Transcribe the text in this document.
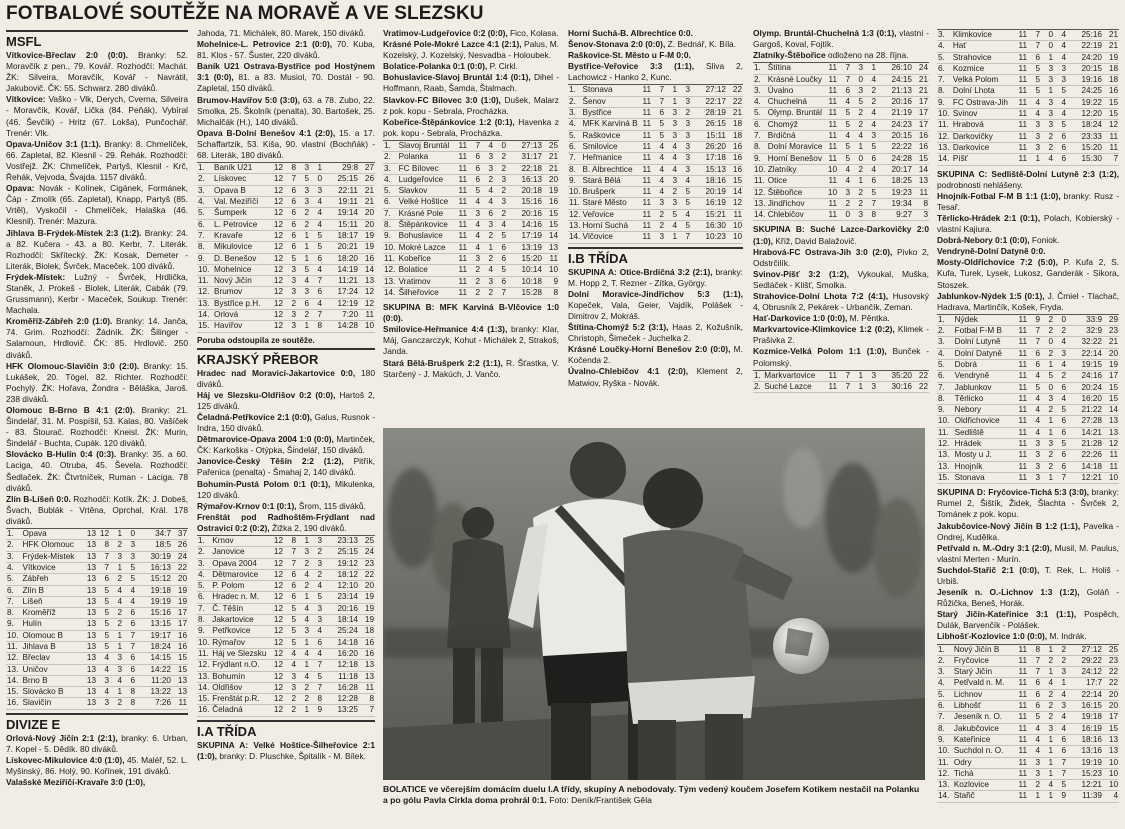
FOTBALOVÉ SOUTĚŽE NA MORAVĚ A VE SLEZSKU
MSFL

Vítkovice-Břeclav 2:0 (0:0). Branky: 52. Moravčík z pen., 79. Kovář. Rozhodčí: Machát. ŽK: Silveira, Moravčík, Kovář - Navrátil, Jakubovič. ČK: 55. Schwarz. 280 diváků.

Vítkovice: Vaško - Vlk, Derych, Cverna, Silveira - Moravčík, Kovář, Lička (84. Peňák), Vybíral (46. Ševčík) - Hritz (67. Lokša), Punčochář. Trenér: Vlk.

Opava-Uničov 3:1 (1:1). Branky: 8. Chmelíček, 66. Zapletal, 82. Klesnil - 29. Řehák. Rozhodčí: Vostřejž. ŽK: Chmelíček, Partyš, Klesnil - Krč, Řehák, Vejvoda, Švajda. 1157 diváků.

Opava: Novák - Kolínek, Cigánek, Formánek, Čáp - Zmolík (65. Zapletal), Knapp, Partyš (85. Vrtěl), Vyskočil - Chmelíček, Halaška (46. Klesnil). Trenér: Mazura.

Jihlava B-Frýdek-Místek 2:3 (1:2). Branky: 24. a 82. Kučera - 43. a 80. Kerbr, 7. Literák. Rozhodčí: Skřítecký. ŽK: Kosak, Demeter - Literák, Biolek, Švrček, Maceček. 100 diváků.

Frýdek-Místek: Lužný - Švrček, Hrdlička, Staněk, J. Prokeš - Biolek, Literák, Cabák (79. Grussmann), Kerbr - Maceček, Soukup. Trenér: Machala.

Kroměříž-Zábřeh 2:0 (1:0). Branky: 14. Janča, 74. Grim. Rozhodčí: Žádník. ŽK: Šilinger - Salamoun, Hrdlovič. ČK: 85. Hrdlovič. 250 diváků.

HFK Olomouc-Slavičín 3:0 (2:0). Branky: 15. Lukášek, 20. Tögel, 82. Richter. Rozhodčí: Pochylý. ŽK: Hořava, Žondra - Běláška, Jaroš. 238 diváků.

Olomouc B-Brno B 4:1 (2:0). Branky: 21. Šindelář, 31. M. Pospíšil, 53. Kalas, 80. Vašíček - 83. Štourač. Rozhodčí: Kneisl. ŽK: Murin, Šindelář - Buchta, Cupák. 120 diváků.

Slovácko B-Hulín 0:4 (0:3). Branky: 35. a 60. Laciga, 40. Otruba, 45. Ševela. Rozhodčí: Šedlaček. ŽK: Čtvrtníček, Ruman - Laciga. 78 diváků.

Zlín B-Líšeň 0:0. Rozhodčí: Kotík. ŽK: J. Dobeš, Švach, Bublák - Vrtěna, Oprchal, Král. 178 diváků.

1.	Opava	13	12	1	0	34:7	37
2.	HFK Olomouc	13	8	2	3	18:5	26
3.	Frýdek-Místek	13	7	3	3	30:19	24
4.	Vítkovice	13	7	1	5	16:13	22
5.	Zábřeh	13	6	2	5	15:12	20
6.	Zlín B	13	5	4	4	19:18	19
7.	Líšeň	13	5	4	4	19:19	19
8.	Kroměříž	13	5	2	6	15:16	17
9.	Hulín	13	5	2	6	13:15	17
10.	Olomouc B	13	5	1	7	19:17	16
11.	Jihlava B	13	5	1	7	18:24	16
12.	Břeclav	13	4	3	6	14:15	15
13.	Uničov	13	4	3	6	14:22	15
14.	Brno B	13	3	4	6	11:20	13
15.	Slovácko B	13	4	1	8	13:22	13
16.	Slavičín	13	3	2	8	7:26	11
DIVIZE E

Orlová-Nový Jičín 2:1 (2:1), branky: 6. Urban, 7. Kopel - 5. Dědík. 80 diváků.

Lískovec-Mikulovice 4:0 (1:0), 45. Maléř, 52. L. Myšinský, 86. Holý, 90. Kořínek, 191 diváků.

Valašské Meziříčí-Kravaře 3:0 (1:0),

Jahoda, 71. Michálek, 80. Marek, 150 diváků.

Mohelnice-L. Petrovice 2:1 (0:0), 70. Kuba, 81. Klos - 57. Šuster, 220 diváků.

Baník U21 Ostrava-Bystřice pod Hostýnem 3:1 (0:0), 81. a 83. Musiol, 70. Dostál - 90. Zapletal, 150 diváků.

Brumov-Havířov 5:0 (3:0), 63. a 78. Zubo, 22. Smolka, 25. Školník (penalta), 30. Bartošek, 25. Michalčák (H.), 140 diváků.

Opava B-Dolní Benešov 4:1 (2:0), 15. a 17. Schaffartzik, 53. Kiša, 90. vlastní (Bochňák) - 68. Literák, 180 diváků.

1.	Baník U21	12	8	3	1	29:8	27
2.	Lískovec	12	7	5	0	25:15	26
3.	Opava B	12	6	3	3	22:11	21
4.	Val. Meziříčí	12	6	3	4	19:11	21
5.	Šumperk	12	6	2	4	19:14	20
6.	L. Petrovice	12	6	2	4	15:11	20
7.	Kravaře	12	6	1	5	18:17	19
8.	Mikulovice	12	6	1	5	20:21	19
9.	D. Benešov	12	5	1	6	18:20	16
10.	Mohelnice	12	3	5	4	14:19	14
11.	Nový Jičín	12	3	4	7	11:21	13
12.	Brumov	12	3	3	6	17:24	12
13.	Bystřice p.H.	12	2	6	4	12:19	12
14.	Orlová	12	3	2	7	7:20	11
15.	Havířov	12	3	1	8	14:28	10
Poruba odstoupila ze soutěže.
KRAJSKÝ PŘEBOR

Hradec nad Moravicí-Jakartovice 0:0, 180 diváků.

Háj ve Slezsku-Oldřišov 0:2 (0:0), Hartoš 2, 125 diváků.

Čeladná-Petřkovice 2:1 (0:0), Galus, Rusnok - Indra, 150 diváků.

Dětmarovice-Opava 2004 1:0 (0:0), Martinček, ČK: Karkoška - Otýpka, Šindelář, 150 diváků.

Janovice-Český Těšín 2:2 (1:2), Pitřík, Pařenica (penalta) - Šmahaj 2, 140 diváků.

Bohumín-Pustá Polom 0:1 (0:1), Mikulenka, 120 diváků.

Rýmařov-Krnov 0:1 (0:1), Šrom, 115 diváků.

Frenštát pod Radhoštěm-Frýdlant nad Ostravicí 0:2 (0:2), Žižka 2, 190 diváků.

1.	Krnov	12	8	1	3	23:13	25
2.	Janovice	12	7	3	2	25:15	24
3.	Opava 2004	12	7	2	3	19:12	23
4.	Dětmarovice	12	6	4	2	18:12	22
5.	P. Polom	12	6	2	4	12:10	20
6.	Hradec n. M.	12	6	1	5	23:14	19
7.	Č. Těšín	12	5	4	3	20:16	19
8.	Jakartovice	12	5	4	3	18:14	19
9.	Petřkovice	12	5	3	4	25:24	18
10.	Rýmařov	12	5	1	6	14:18	16
11.	Háj ve Slezsku	12	4	4	4	16:20	16
12.	Frýdlant n.O.	12	4	1	7	12:18	13
13.	Bohumín	12	3	4	5	11:18	13
14.	Oldřišov	12	3	2	7	16:28	11
15.	Frenštát p.R.	12	2	2	8	12:28	8
16.	Čeladná	12	2	1	9	13:25	7
I.A TŘÍDA

SKUPINA A: Velké Hoštice-Šilheřovice 2:1 (1:0), branky: D. Pluschke, Špitalík - M. Bílek.

Vratimov-Ludgeřovice 0:2 (0:0), Fico, Kolasa.

Krásné Pole-Mokré Lazce 4:1 (2:1), Palus, M. Kozelský, J. Kozelský, Nesvadba - Holoubek.

Bolatice-Polanka 0:1 (0:0), P. Cirkl.

Bohuslavice-Slavoj Bruntál 1:4 (0:1), Dihel - Hoffmann, Raab, Šamda, Štalmach.

Slavkov-FC Bílovec 3:0 (1:0), Dušek, Malarz z pok. kopu - Sebrala, Procházka.

Kobeřice-Štěpánkovice 1:2 (0:1), Havenka z pok. kopu - Sebrala, Procházka.

1.	Slavoj Bruntál	11	7	4	0	27:13	25
2.	Polanka	11	6	3	2	31:17	21
3.	FC Bílovec	11	6	3	2	22:18	21
4.	Ludgeřovice	11	6	2	3	16:13	20
5.	Slavkov	11	5	4	2	20:18	19
6.	Velké Hoštice	11	4	4	3	15:16	16
7.	Krásné Pole	11	3	6	2	20:16	15
8.	Štěpánkovice	11	4	3	4	14:16	15
9.	Bohuslavice	11	4	2	5	17:19	14
10.	Mokré Lazce	11	4	1	6	13:19	13
11.	Kobeřice	11	3	2	6	15:20	11
12.	Bolatice	11	2	4	5	10:14	10
13.	Vratimov	11	2	3	6	10:18	9
14.	Šilheřovice	11	2	2	7	15:28	8

SKUPINA B: MFK Karviná B-Vlčovice 1:0 (0:0).

Smilovice-Heřmanice 4:4 (1:3), branky: Klar, Máj, Ganczarczyk, Kohut - Michálek 2, Strakoš, Janda.

Stará Bělá-Brušperk 2:2 (1:1), R. Šťastka, V. Starčený - J. Makúch, J. Vančo.

Horní Suchá-B. Albrechtice 0:0.

Šenov-Stonava 2:0 (0:0), Z. Bednář, K. Bíla.

Raškovice-St. Město u F-M 0:0.

Bystřice-Veřovice 3:3 (1:1), Sliva 2, Lachowicz - Hanko 2, Kunc.

1.	Stonava	11	7	1	3	27:12	22
2.	Šenov	11	7	1	3	22:17	22
3.	Bystřice	11	6	3	2	28:19	21
4.	MFK Karviná B	11	5	3	3	26:15	18
5.	Raškovice	11	5	3	3	15:11	18
6.	Smilovice	11	4	4	3	26:20	16
7.	Heřmanice	11	4	4	3	17:18	16
8.	B. Albrechtice	11	4	4	3	15:13	16
9.	Stará Bělá	11	4	3	4	18:16	15
10.	Brušperk	11	4	2	5	20:19	14
11.	Staré Město	11	3	3	5	16:19	12
12.	Veřovice	11	2	5	4	15:21	11
13.	Horní Suchá	11	2	4	5	16:30	10
14.	Vlčovice	11	3	1	7	10:23	10
I.B TŘÍDA

SKUPINA A: Otice-Brdičná 3:2 (2:1), branky: M. Hopp 2, T. Rezner - Zítka, György.

Dolní Moravice-Jindřichov 5:3 (1:1), Kopeček, Vala, Geier, Vajdík, Polášek - Dimitrov 2, Mokráš.

Štítina-Chomýž 5:2 (3:1), Haas 2, Kožušník, Christoph, Šimeček - Juchelka 2.

Krásné Loučky-Horní Benešov 2:0 (0:0), M. Kočenda 2.

Úvalno-Chlebičov 4:1 (2:0), Klement 2, Matwiov, Ryška - Novák.

Olymp. Bruntál-Chuchelná 1:3 (0:1), vlastní - Gargoš, Koval, Fojtík.

Zlatníky-Štěbořice odloženo na 28. října.

1.	Štítina	11	7	3	1	26:10	24
2.	Krásné Loučky	11	7	0	4	24:15	21
3.	Úvalno	11	6	3	2	21:13	21
4.	Chuchelná	11	4	5	2	20:16	17
5.	Olymp. Bruntál	11	5	2	4	21:19	17
6.	Chomýž	11	5	2	4	24:23	17
7.	Brdičná	11	4	4	3	20:15	16
8.	Dolní Moravice	11	5	1	5	22:22	16
9.	Horní Benešov	11	5	0	6	24:28	15
10.	Zlatníky	10	4	2	4	20:17	14
11.	Otice	11	4	1	6	18:25	13
12.	Štěbořice	10	3	2	5	19:23	11
13.	Jindřichov	11	2	2	7	19:34	8
14.	Chlebičov	11	0	3	8	9:27	3

SKUPINA B: Suché Lazce-Darkovičky 2:0 (1:0), Kříž, David Balažovič.

Hrabová-FC Ostrava-Jih 3:0 (2:0), Pivko 2, Odstrčilík.

Svinov-Píšť 3:2 (1:2), Vykoukal, Muška, Sedláček - Klišť, Smolka.

Strahovice-Dolní Lhota 7:2 (4:1), Husovský 4, Obrusník 2, Pekárek - Urbančík, Zeman.

Hať-Darkovice 1:0 (0:0), M. Pěntka.

Markvartovice-Klimkovice 1:2 (0:2), Klimek - Prašivka 2.

Kozmice-Velká Polom 1:1 (1:0), Bunček - Polomský.

1.	Markvartovice	11	7	1	3	35:20	22
2.	Suché Lazce	11	7	1	3	30:16	22
3.	Klimkovice	11	7	0	4	25:16	21
4.	Hať	11	7	0	4	22:19	21
5.	Strahovice	11	6	1	4	24:20	19
6.	Kozmice	11	5	3	3	20:15	18
7.	Velká Polom	11	5	3	3	19:16	18
8.	Dolní Lhota	11	5	1	5	24:25	16
9.	FC Ostrava-Jih	11	4	3	4	19:22	15
10.	Svinov	11	4	3	4	12:20	15
11.	Hrabová	11	3	3	5	18:24	12
12.	Darkovičky	11	3	2	6	23:33	11
13.	Darkovice	11	3	2	6	15:20	11
14.	Píšť	11	1	4	6	15:30	7

SKUPINA C: Sedliště-Dolní Lutyně 2:3 (1:2), podrobnosti nehlášeny.

Hnojník-Fotbal F-M B 1:1 (1:0), branky: Rusz - Tesař.

Těrlicko-Hrádek 2:1 (0:1), Polach, Kobierský - vlastní Kajiura.

Dobrá-Nebory 0:1 (0:0), Foniok.

Vendryně-Dolní Datyně 0:0.

Mosty-Oldřichovice 7:2 (5:0), P. Kufa 2, S. Kufa, Turek, Lysek, Lukosz, Ganderák - Sikora, Stoszek.

Jablunkov-Nýdek 1:5 (0:1), J. Čmiel - Tlachač, Hadrava, Martinčík, Košek, Fryda.

1.	Nýdek	11	9	2	0	33:9	29
2.	Fotbal F-M B	11	7	2	2	32:9	23
3.	Dolní Lutyně	11	7	0	4	32:22	21
4.	Dolní Datyně	11	6	2	3	22:14	20
5.	Dobrá	11	6	1	4	19:15	19
6.	Vendryně	11	4	5	2	24:16	17
7.	Jablunkov	11	5	0	6	20:24	15
8.	Těrlicko	11	4	3	4	16:20	15
9.	Nebory	11	4	2	5	21:22	14
10.	Oldřichovice	11	4	1	6	27:28	13
11.	Sedliště	11	4	1	6	14:21	13
12.	Hrádek	11	3	3	5	21:28	12
13.	Mosty u J.	11	3	2	6	22:26	11
13.	Hnojník	11	3	2	6	14:18	11
15.	Stonava	11	3	1	7	12:21	10

SKUPINA D: Fryčovice-Tichá 5:3 (3:0), branky: Rumel 2, Šištík, Židek, Šlachta - Švrček 2, Tománek z pok. kopu.

Jakubčovice-Nový Jičín B 1:2 (1:1), Pavelka - Ondrej, Kudělka.

Petřvald n. M.-Odry 3:1 (2:0), Musil, M. Paulus, vlastní Merten - Murín.

Suchdol-Stařič 2:1 (0:0), T. Rek, L. Holiš - Urbiš.

Jeseník n. O.-Lichnov 1:3 (1:2), Goláň - Růžička, Beneš, Horák.

Starý Jičín-Kateřinice 3:1 (1:1), Pospěch, Dulák, Barvenčík - Polášek.

Libhošť-Kozlovice 1:0 (0:0), M. Indrák.

1.	Nový Jičín B	11	8	1	2	27:12	25
2.	Fryčovice	11	7	2	2	29:22	23
3.	Starý Jičín	11	7	1	3	24:12	22
4.	Petřvald n. M.	11	6	4	1	17:7	22
5.	Lichnov	11	6	2	4	22:14	20
6.	Libhošť	11	6	2	3	16:15	20
7.	Jeseník n. O.	11	5	2	4	19:18	17
8.	Jakubčovice	11	4	3	4	16:19	15
9.	Kateřinice	11	4	1	6	18:16	13
10.	Suchdol n. O.	11	4	1	6	13:16	13
11.	Odry	11	3	1	7	19:19	10
12.	Tichá	11	3	1	7	15:23	10
13.	Kozlovice	11	2	4	5	12:21	10
14.	Stařič	11	1	1	9	11:39	4
BOLATICE ve včerejším domácím duelu I.A třídy, skupiny A nebodovaly. Tým vedený koučem Josefem Kotíkem nestačil na Polanku a po gólu Pavla Cirkla doma prohrál 0:1. Foto: Deník/František Gěla
